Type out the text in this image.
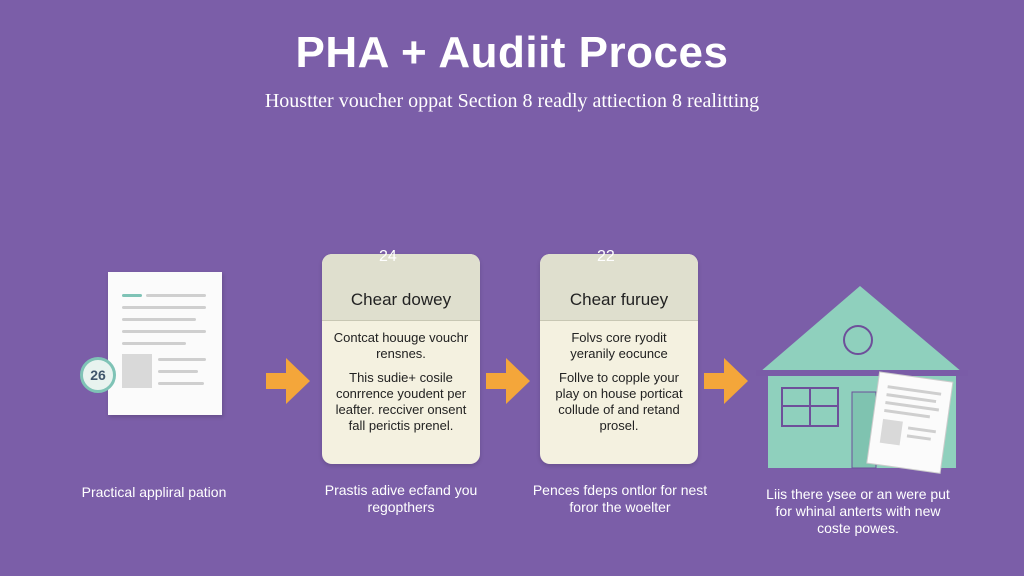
PHA + Audiit Proces
Houstter voucher oppat Section 8 readly attiection 8 realitting
26
Practical appliral pation
Chear dowey
Contcat houuge vouchr rensnes.
This sudie+ cosile conrrence youdent per leafter. recciver onsent fall perictis prenel.
24
Prastis adive ecfand you regopthers
Chear furuey
Folvs core ryodit yeranily eocunce
Follve to copple your play on house porticat collude of and retand prosel.
22
Pences fdeps ontlor for nest foror the woelter
Liis there ysee or an were put for whinal anterts with new coste powes.
